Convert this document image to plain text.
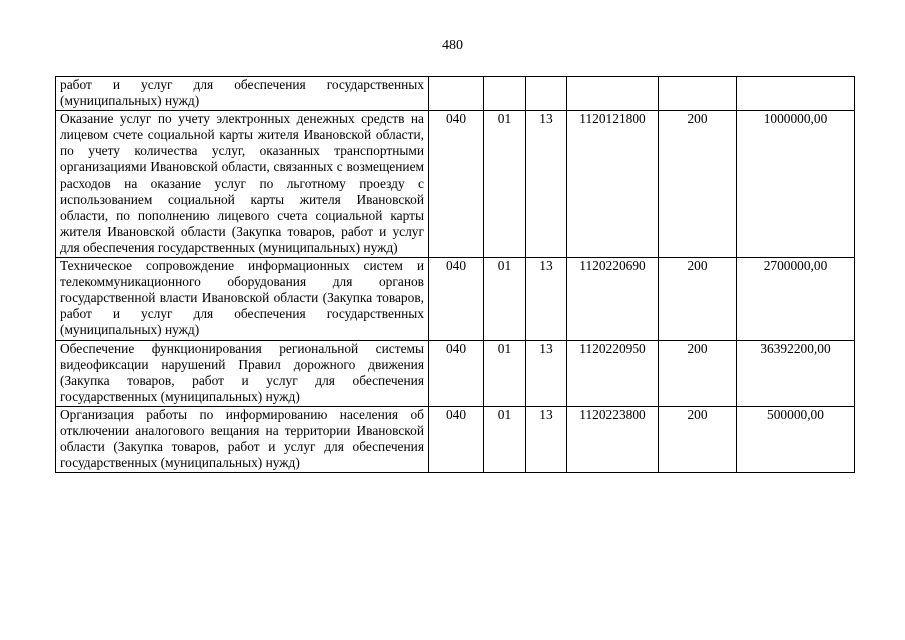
480
работ и услуг для обеспечения государственных (муниципальных) нужд)						
Оказание услуг по учету электронных денежных средств на лицевом счете социальной карты жителя Ивановской области, по учету количества услуг, оказанных транспортными организациями Ивановской области, связанных с возмещением расходов на оказание услуг по льготному проезду с использованием социальной карты жителя Ивановской области, по пополнению лицевого счета социальной карты жителя Ивановской области (Закупка товаров, работ и услуг для обеспечения государственных (муниципальных) нужд)	040	01	13	1120121800	200	1000000,00
Техническое сопровождение информационных систем и телекоммуникационного оборудования для органов государственной власти Ивановской области (Закупка товаров, работ и услуг для обеспечения государственных (муниципальных) нужд)	040	01	13	1120220690	200	2700000,00
Обеспечение функционирования региональной системы видеофиксации нарушений Правил дорожного движения (Закупка товаров, работ и услуг для обеспечения государственных (муниципальных) нужд)	040	01	13	1120220950	200	36392200,00
Организация работы по информированию населения об отключении аналогового вещания на территории Ивановской области (Закупка товаров, работ и услуг для обеспечения государственных (муниципальных) нужд)	040	01	13	1120223800	200	500000,00
